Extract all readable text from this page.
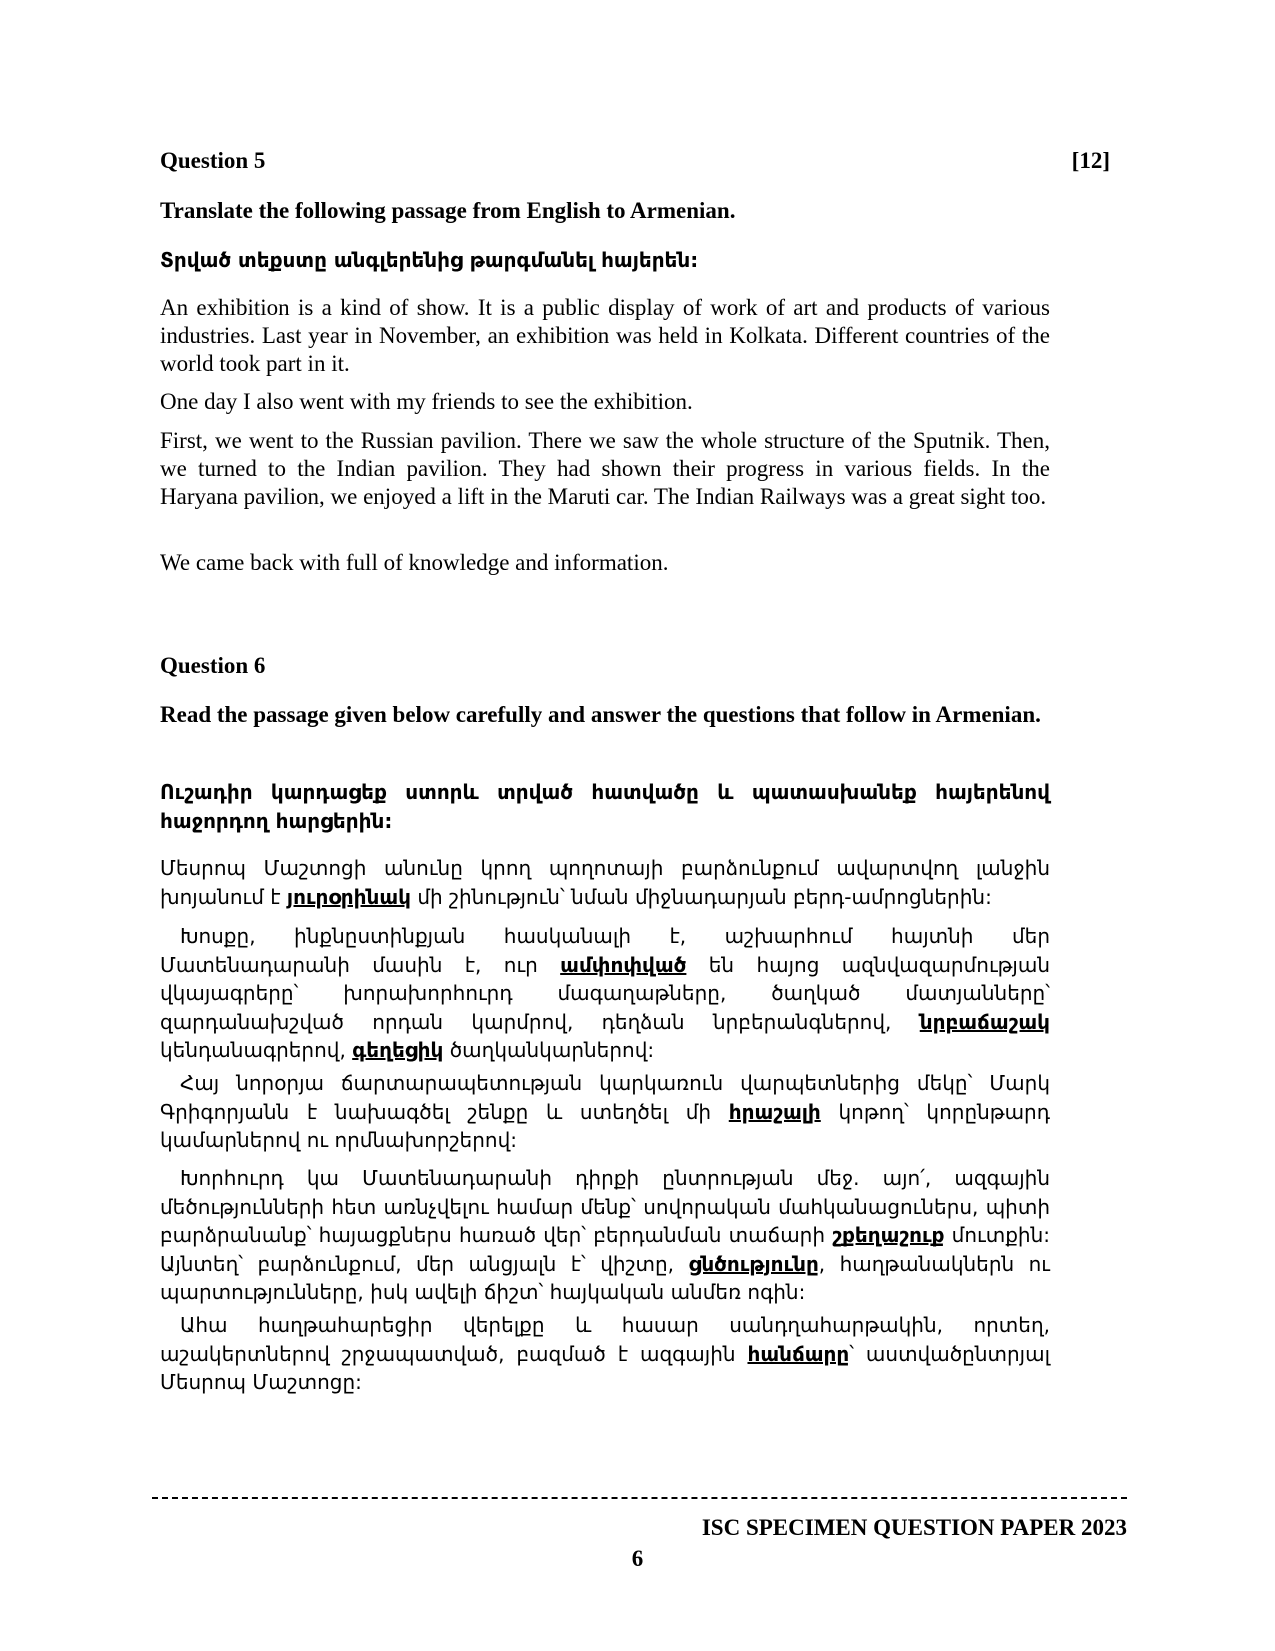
Question 5	[12]
Translate the following passage from English to Armenian.
Տրված տեքստը անգլերենից թարգմանել հայերեն:
An exhibition is a kind of show. It is a public display of work of art and products of various industries. Last year in November, an exhibition was held in Kolkata. Different countries of the world took part in it.
One day I also went with my friends to see the exhibition.
First, we went to the Russian pavilion. There we saw the whole structure of the Sputnik. Then, we turned to the Indian pavilion. They had shown their progress in various fields. In the Haryana pavilion, we enjoyed a lift in the Maruti car. The Indian Railways was a great sight too.
We came back with full of knowledge and information.
Question 6
Read the passage given below carefully and answer the questions that follow in Armenian.
Ուշադիր կարդացեք ստորև տրված հատվածը և պատասխանեք հայերենով հաջորդող հարցերին:
Մեսրոպ Մաշտոցի անունը կրող պողոտայի բարձունքում ավարտվող լանջին խոյանում է յուրօրինակ մի շինություն՝ նման միջնադարյան բերդ-ամրոցներին:
Խոսքը, ինքնըստինքյան հասկանալի է, աշխարհում հայտնի մեր Մատենադարանի մասին է, ուր ամփոփված են հայոց ազնվազարմության վկայագրերը՝ խորախորհուրդ մագաղաթները, ծաղկած մատյանները՝ զարդանախշված որդան կարմրով, դեղձան նրբերանգներով, նրբաճաշակ կենդանագրերով, գեղեցիկ ծաղկանկարներով:
Հայ նորօրյա ճարտարապետության կարկառուն վարպետներից մեկը՝ Մարկ Գրիգորյանն է նախագծել շենքը և ստեղծել մի հրաշալի կոթող՝ կորընթարդ կամարներով ու որմնախորշերով:
Խորհուրդ կա Մատենադարանի դիրքի ընտրության մեջ. այո՛, ազգային մեծությունների հետ առնչվելու համար մենք՝ սովորական մահկանացուներս, պիտի բարձրանանք՝ հայացքներս հառած վեր՝ բերդանման տաճարի շքեղաշուք մուտքին: Այնտեղ՝ բարձունքում, մեր անցյալն է՝ վիշտը, ցնծությունը, հաղթանակներն ու պարտությունները, իսկ ավելի ճիշտ՝ հայկական անմեռ ոգին:
Ահա հաղթահարեցիր վերելքը և հասար սանդղահարթակին, որտեղ, աշակերտներով շրջապատված, բազմած է ազգային հանճարը՝ աստվածընտրյալ Մեսրոպ Մաշտոցը:
ISC SPECIMEN QUESTION PAPER 2023
6
